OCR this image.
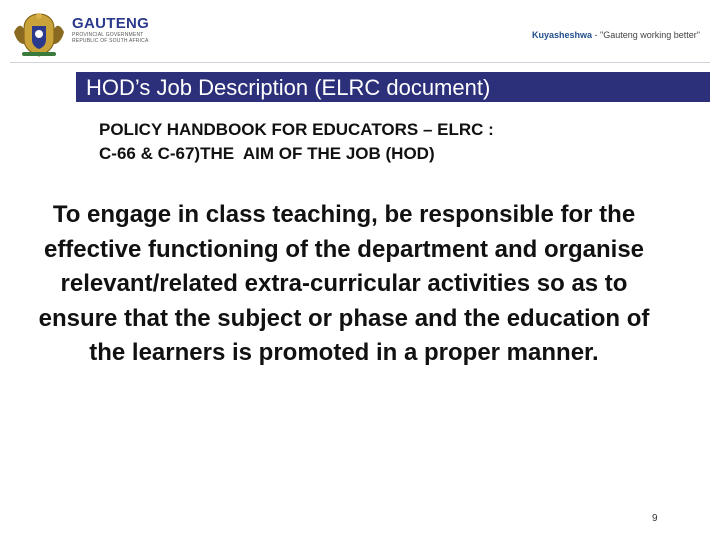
GAUTENG
PROVINCIAL GOVERNMENT
REPUBLIC OF SOUTH AFRICA
Kuyasheshwa - "Gauteng working better"
HOD’s Job Description (ELRC document)
POLICY HANDBOOK FOR EDUCATORS – ELRC :
C-66 & C-67)THE  AIM OF THE JOB (HOD)
To engage in class teaching, be responsible for the effective functioning of the department and organise relevant/related extra-curricular activities so as to ensure that the subject or phase and the education of the learners is promoted in a proper manner.
9
